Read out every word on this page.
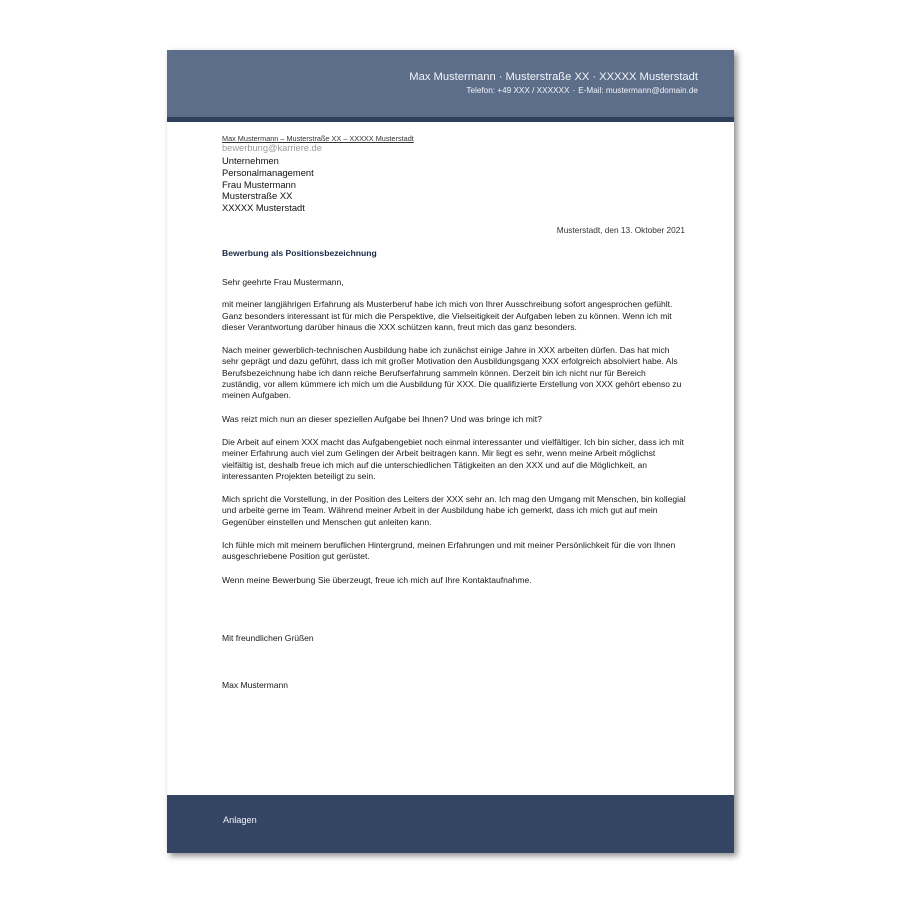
Max Mustermann · Musterstraße XX · XXXXX Musterstadt
Telefon: +49 XXX / XXXXXX · E-Mail: mustermann@domain.de
Max Mustermann – Musterstraße XX – XXXXX Musterstadt
bewerbung@karriere.de
Unternehmen
Personalmanagement
Frau Mustermann
Musterstraße XX
XXXXX Musterstadt
Musterstadt, den 13. Oktober 2021
Bewerbung als Positionsbezeichnung

Sehr geehrte Frau Mustermann,

mit meiner langjährigen Erfahrung als Musterberuf habe ich mich von Ihrer Ausschreibung sofort angesprochen gefühlt. Ganz besonders interessant ist für mich die Perspektive, die Vielseitigkeit der Aufgaben leben zu können. Wenn ich mit dieser Verantwortung darüber hinaus die XXX schützen kann, freut mich das ganz besonders.

Nach meiner gewerblich-technischen Ausbildung habe ich zunächst einige Jahre in XXX arbeiten dürfen. Das hat mich sehr geprägt und dazu geführt, dass ich mit großer Motivation den Ausbildungsgang XXX erfolgreich absolviert habe. Als Berufsbezeichnung habe ich dann reiche Berufserfahrung sammeln können. Derzeit bin ich nicht nur für Bereich zuständig, vor allem kümmere ich mich um die Ausbildung für XXX. Die qualifizierte Erstellung von XXX gehört ebenso zu meinen Aufgaben.

Was reizt mich nun an dieser speziellen Aufgabe bei Ihnen? Und was bringe ich mit?

Die Arbeit auf einem XXX macht das Aufgabengebiet noch einmal interessanter und vielfältiger. Ich bin sicher, dass ich mit meiner Erfahrung auch viel zum Gelingen der Arbeit beitragen kann. Mir liegt es sehr, wenn meine Arbeit möglichst vielfältig ist, deshalb freue ich mich auf die unterschiedlichen Tätigkeiten an den XXX und auf die Möglichkeit, an interessanten Projekten beteiligt zu sein.

Mich spricht die Vorstellung, in der Position des Leiters der XXX sehr an. Ich mag den Umgang mit Menschen, bin kollegial und arbeite gerne im Team. Während meiner Arbeit in der Ausbildung habe ich gemerkt, dass ich mich gut auf mein Gegenüber einstellen und Menschen gut anleiten kann.

Ich fühle mich mit meinem beruflichen Hintergrund, meinen Erfahrungen und mit meiner Persönlichkeit für die von Ihnen ausgeschriebene Position gut gerüstet.

Wenn meine Bewerbung Sie überzeugt, freue ich mich auf Ihre Kontaktaufnahme.

Mit freundlichen Grüßen
Max Mustermann
Anlagen
